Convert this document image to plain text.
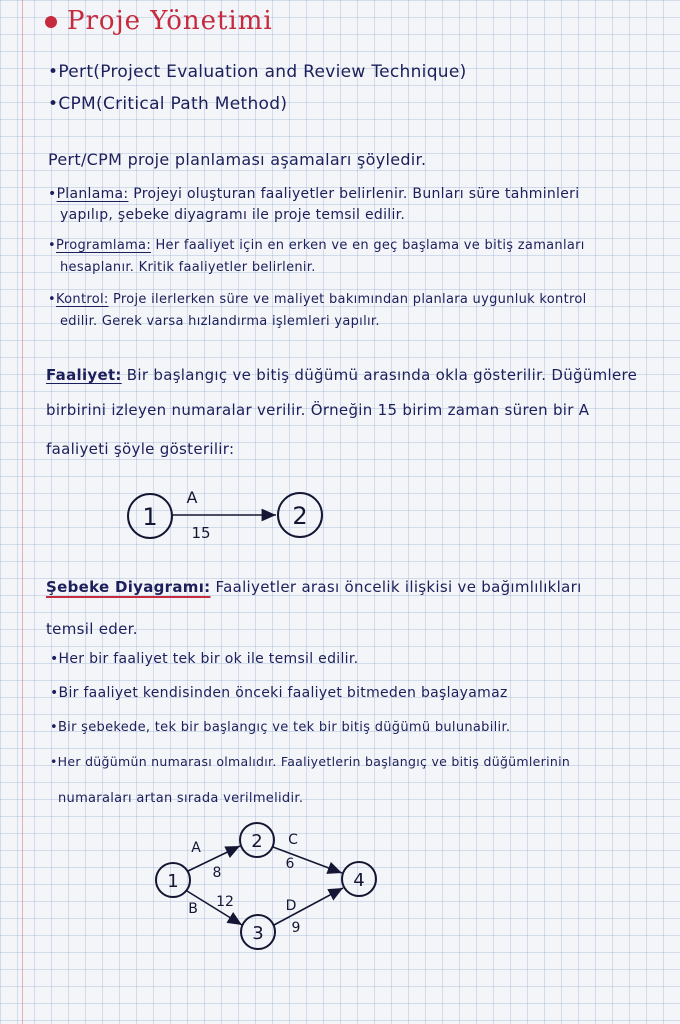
Proje Yönetimi
•Pert(Project Evaluation and Review Technique)
•CPM(Critical Path Method)
Pert/CPM proje planlaması aşamaları şöyledir.
•Planlama: Projeyi oluşturan faaliyetler belirlenir. Bunları süre tahminleri
yapılıp, şebeke diyagramı ile proje temsil edilir.
•Programlama: Her faaliyet için en erken ve en geç başlama ve bitiş zamanları
hesaplanır. Kritik faaliyetler belirlenir.
•Kontrol: Proje ilerlerken süre ve maliyet bakımından planlara uygunluk kontrol
edilir. Gerek varsa hızlandırma işlemleri yapılır.
Faaliyet: Bir başlangıç ve bitiş düğümü arasında okla gösterilir. Düğümlere
birbirini izleyen numaralar verilir. Örneğin 15 birim zaman süren bir A
faaliyeti şöyle gösterilir:
1	2
A
15
Şebeke Diyagramı: Faaliyetler arası öncelik ilişkisi ve bağımlılıkları
temsil eder.
•Her bir faaliyet tek bir ok ile temsil edilir.
•Bir faaliyet kendisinden önceki faaliyet bitmeden başlayamaz
•Bir şebekede, tek bir başlangıç ve tek bir bitiş düğümü bulunabilir.
•Her düğümün numarası olmalıdır. Faaliyetlerin başlangıç ve bitiş düğümlerinin
numaraları artan sırada verilmelidir.
1
2
3
4
A
8
B 12
C
6
D
9
